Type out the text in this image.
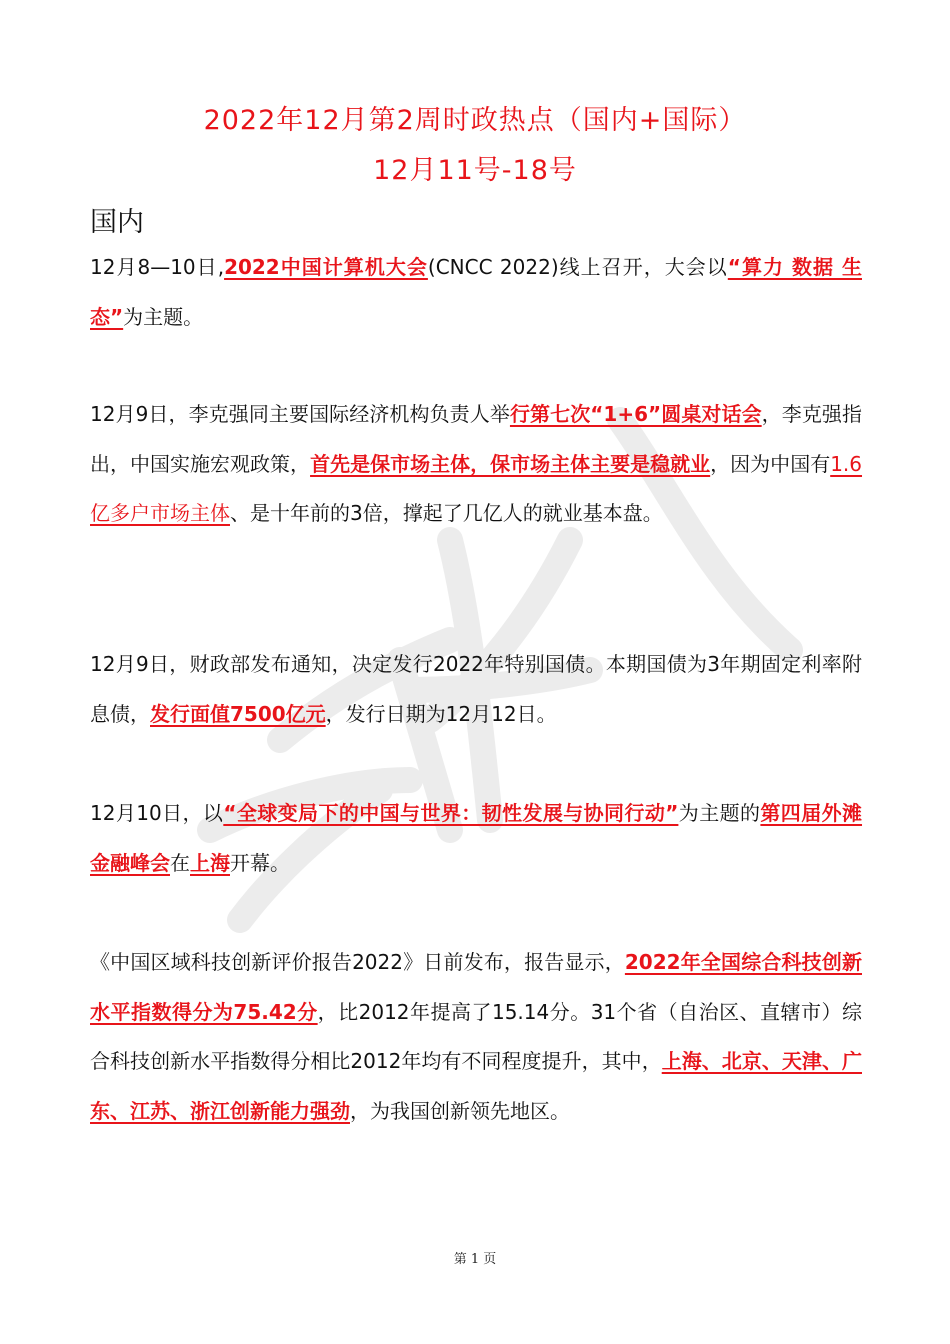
2022年12月第2周时政热点（国内+国际）
12月11号-18号
国内
12月8—10日,2022中国计算机大会(CNCC 2022)线上召开，大会以“算力 数据 生态”为主题。
12月9日，李克强同主要国际经济机构负责人举行第七次“1+6”圆桌对话会，李克强指出，中国实施宏观政策，首先是保市场主体，保市场主体主要是稳就业，因为中国有1.6亿多户市场主体、是十年前的3倍，撑起了几亿人的就业基本盘。
12月9日，财政部发布通知，决定发行2022年特别国债。本期国债为3年期固定利率附息债，发行面值7500亿元，发行日期为12月12日。
12月10日，以“全球变局下的中国与世界：韧性发展与协同行动”为主题的第四届外滩金融峰会在上海开幕。
《中国区域科技创新评价报告2022》日前发布，报告显示，2022年全国综合科技创新水平指数得分为75.42分，比2012年提高了15.14分。31个省（自治区、直辖市）综合科技创新水平指数得分相比2012年均有不同程度提升，其中，上海、北京、天津、广东、江苏、浙江创新能力强劲，为我国创新领先地区。
第 1 页
